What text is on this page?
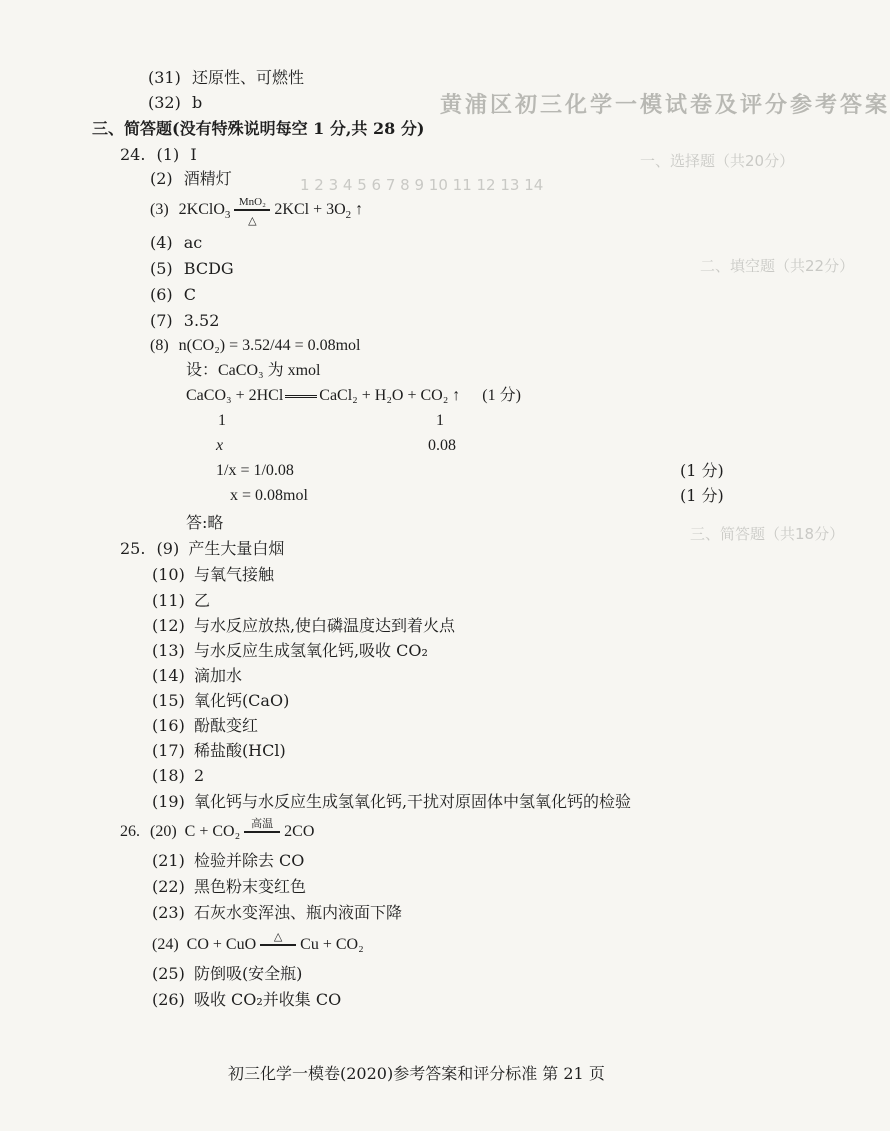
黄浦区初三化学一模试卷及评分参考答案
一、选择题（共20分）
1 2 3 4 5 6 7 8 9 10 11 12 13 14
二、填空题（共22分）
三、简答题（共18分）
(31) 还原性、可燃性
(32) b
三、简答题(没有特殊说明每空 1 分,共 28 分)
24. (1) I
(2) 酒精灯
(3) 2KClO$_3$
MnO₂
△
$2KCl + 3O_2$ ↑
(4) ac
(5) BCDG
(6) C
(7) 3.52
(8) n(CO₂) = 3.52/44 = 0.08mol
设：CaCO₃ 为 xmol
CaCO₃ + 2HCl CaCl₂ + H₂O + CO₂ ↑ (1 分)
1	1
x	0.08
1/x = 1/0.08	(1 分)
x = 0.08mol	(1 分)
答:略
25. (9) 产生大量白烟
(10) 与氧气接触
(11) 乙
(12) 与水反应放热,使白磷温度达到着火点
(13) 与水反应生成氢氧化钙,吸收 CO₂
(14) 滴加水
(15) 氧化钙(CaO)
(16) 酚酞变红
(17) 稀盐酸(HCl)
(18) 2
(19) 氧化钙与水反应生成氢氧化钙,干扰对原固体中氢氧化钙的检验
26. (20) C + CO₂	高温 2CO
(21) 检验并除去 CO
(22) 黑色粉末变红色
(23) 石灰水变浑浊、瓶内液面下降
(24) CO + CuO	△	Cu + CO₂
(25) 防倒吸(安全瓶)
(26) 吸收 CO₂并收集 CO
初三化学一模卷(2020)参考答案和评分标准 第 21 页
